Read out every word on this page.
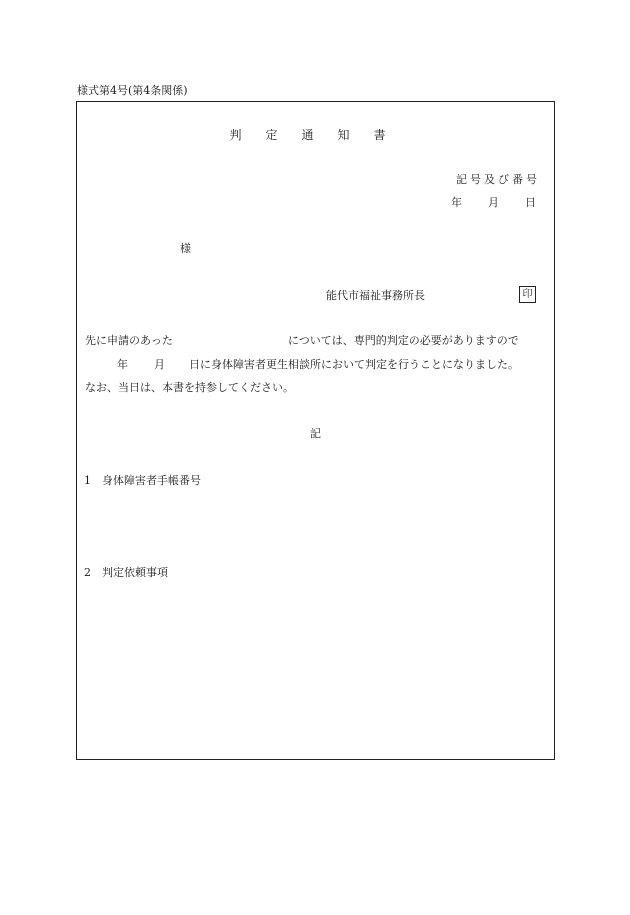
様式第4号(第4条関係)
判定通知書
記号及び番号
年 月 日
様
能代市福祉事務所長	印
先に申請のあった	については、専門的判定の必要がありますので
年 月 日に身体障害者更生相談所において判定を行うことになりました。
なお、当日は、本書を持参してください。
記
1 身体障害者手帳番号
2 判定依頼事項
